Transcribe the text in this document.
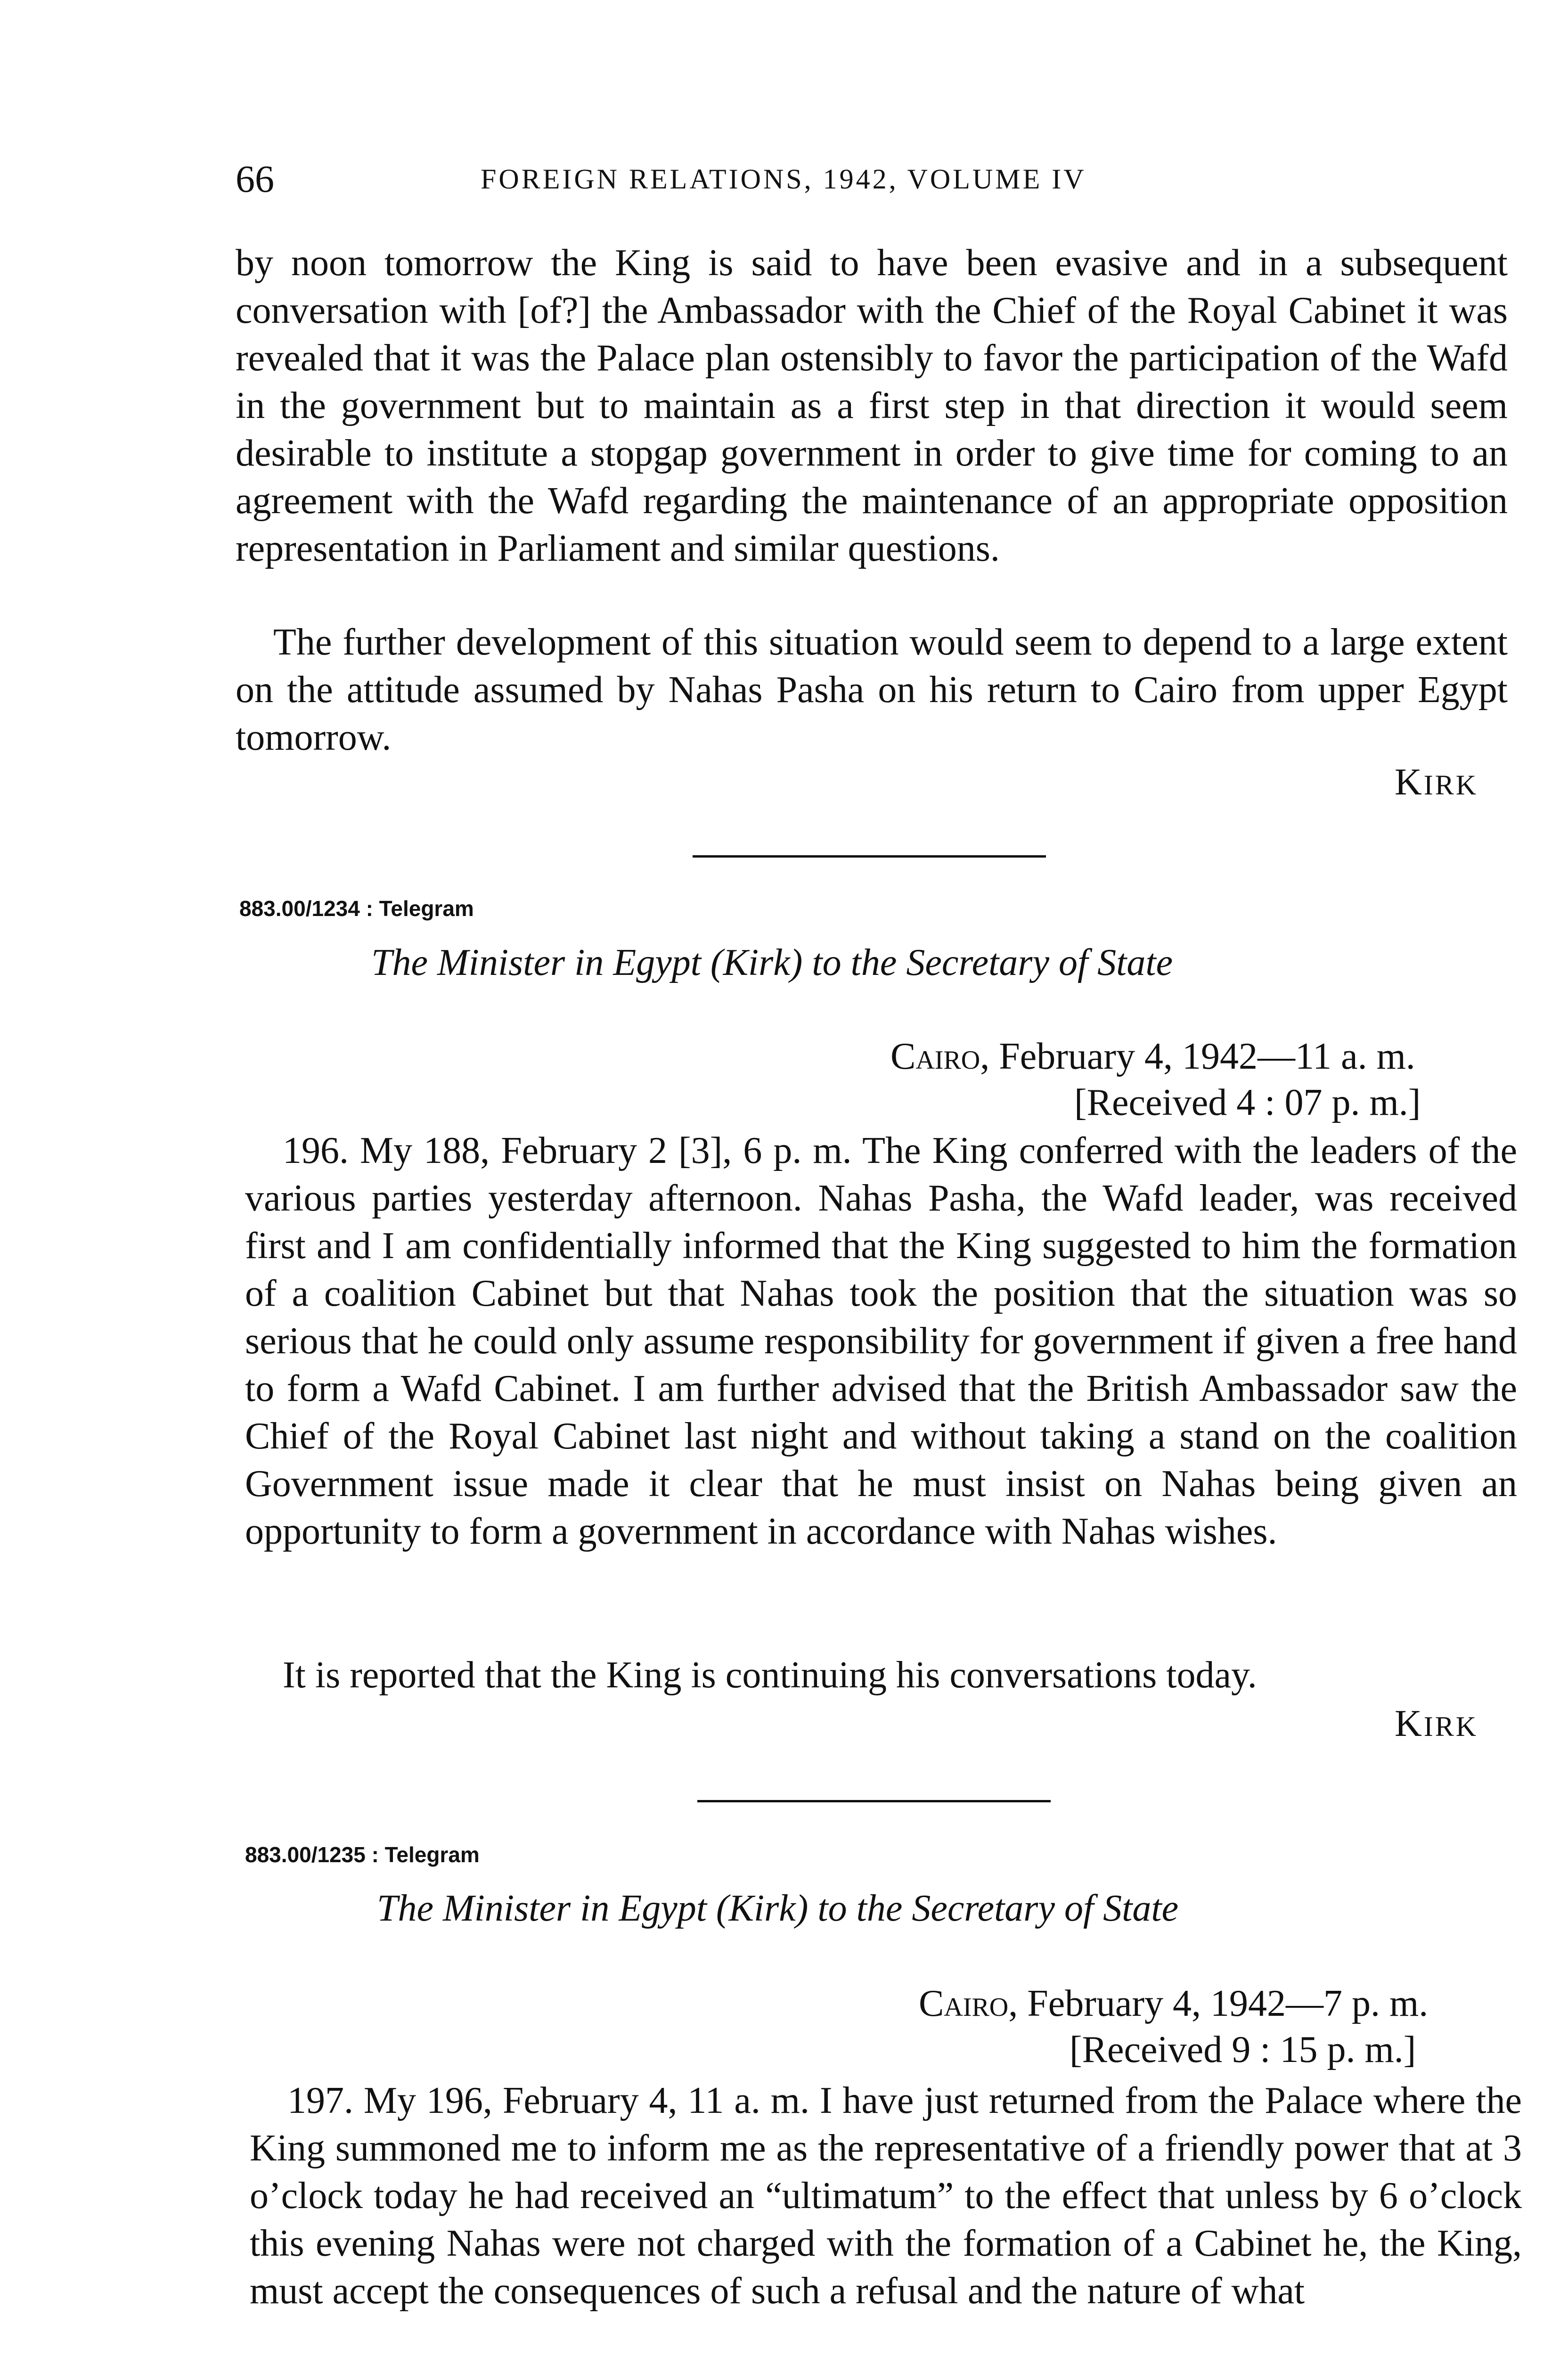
66	FOREIGN RELATIONS, 1942, VOLUME IV

by noon tomorrow the King is said to have been evasive and in a subsequent conversation with [of?] the Ambassador with the Chief of the Royal Cabinet it was revealed that it was the Palace plan ostensibly to favor the participation of the Wafd in the government but to maintain as a first step in that direction it would seem desirable to institute a stopgap government in order to give time for coming to an agreement with the Wafd regarding the maintenance of an appropriate opposition representation in Parliament and similar questions.

The further development of this situation would seem to depend to a large extent on the attitude assumed by Nahas Pasha on his return to Cairo from upper Egypt tomorrow.

KIRK
883.00/1234 : Telegram
The Minister in Egypt (Kirk) to the Secretary of State
Cairo, February 4, 1942—11 a. m.
[Received 4 : 07 p. m.]

196. My 188, February 2 [3], 6 p. m. The King conferred with the leaders of the various parties yesterday afternoon. Nahas Pasha, the Wafd leader, was received first and I am confidentially informed that the King suggested to him the formation of a coalition Cabinet but that Nahas took the position that the situation was so serious that he could only assume responsibility for government if given a free hand to form a Wafd Cabinet. I am further advised that the British Ambassador saw the Chief of the Royal Cabinet last night and without taking a stand on the coalition Government issue made it clear that he must insist on Nahas being given an opportunity to form a government in accordance with Nahas wishes.

It is reported that the King is continuing his conversations today.

KIRK
883.00/1235 : Telegram
The Minister in Egypt (Kirk) to the Secretary of State
Cairo, February 4, 1942—7 p. m.
[Received 9 : 15 p. m.]

197. My 196, February 4, 11 a. m. I have just returned from the Palace where the King summoned me to inform me as the representative of a friendly power that at 3 o’clock today he had received an “ultimatum” to the effect that unless by 6 o’clock this evening Nahas were not charged with the formation of a Cabinet he, the King, must accept the consequences of such a refusal and the nature of what
